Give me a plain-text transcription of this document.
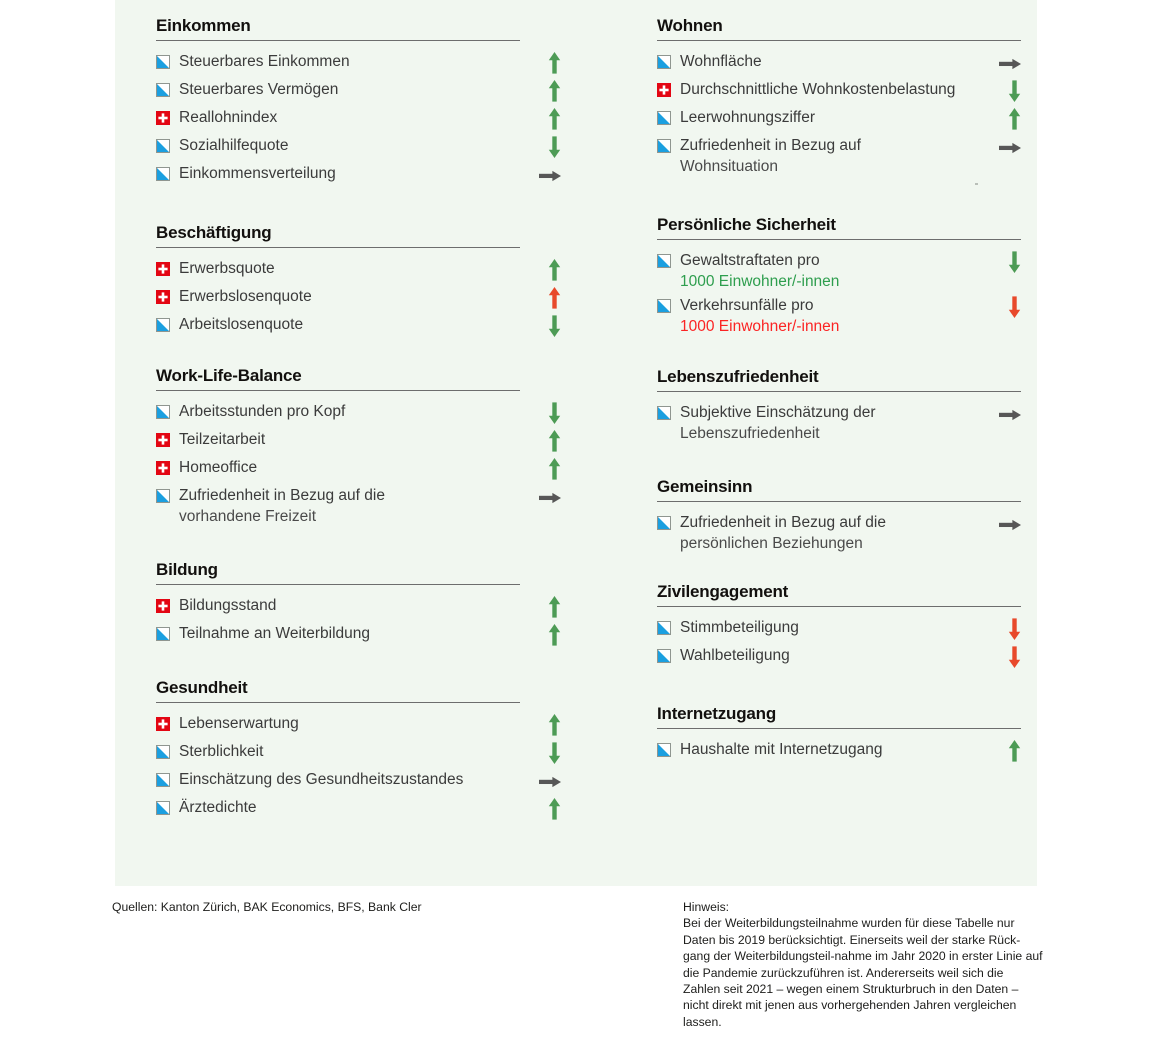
Einkommen
Steuerbares Einkommen
Steuerbares Vermögen
Reallohnindex
Sozialhilfequote
Einkommensverteilung
Beschäftigung
Erwerbsquote
Erwerbslosenquote
Arbeitslosenquote
Work-Life-Balance
Arbeitsstunden pro Kopf
Teilzeitarbeit
Homeoffice
Zufriedenheit in Bezug auf die
vorhandene Freizeit
Bildung
Bildungsstand
Teilnahme an Weiterbildung
Gesundheit
Lebenserwartung
Sterblichkeit
Einschätzung des Gesundheitszustandes
Ärztedichte
Wohnen
Wohnfläche
Durchschnittliche Wohnkostenbelastung
Leerwohnungsziffer
Zufriedenheit in Bezug auf
Wohnsituation
Persönliche Sicherheit
Gewaltstraftaten pro
1000 Einwohner/-innen
Verkehrsunfälle pro
1000 Einwohner/-innen
Lebenszufriedenheit
Subjektive Einschätzung der
Lebenszufriedenheit
Gemeinsinn
Zufriedenheit in Bezug auf die
persönlichen Beziehungen
Zivilengagement
Stimmbeteiligung
Wahlbeteiligung
Internetzugang
Haushalte mit Internetzugang
Quellen: Kanton Zürich, BAK Economics, BFS, Bank Cler	Hinweis:

Bei der Weiterbildungsteilnahme wurden für diese Tabelle nur Daten bis 2019 berücksichtigt. Einerseits weil der starke Rück-gang der Weiterbildungsteil-nahme im Jahr 2020 in erster Linie auf die Pandemie zurückzuführen ist. Andererseits weil sich die Zahlen seit 2021 – wegen einem Strukturbruch in den Daten – nicht direkt mit jenen aus vorhergehenden Jahren vergleichen lassen.
